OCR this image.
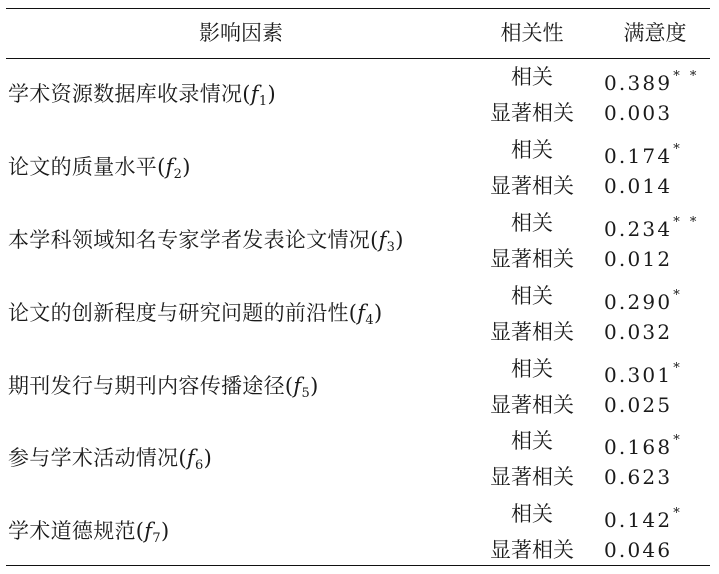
影响因素	相关性	满意度
学术资源数据库收录情况$(f_1)$
相关	0.389* *
显著相关	0.003
论文的质量水平$(f_2)$
相关	0.174*
显著相关	0.014
本学科领域知名专家学者发表论文情况$(f_3)$
相关	0.234* *
显著相关	0.012
论文的创新程度与研究问题的前沿性$(f_4)$
相关	0.290*
显著相关	0.032
期刊发行与期刊内容传播途径$(f_5)$
相关	0.301*
显著相关	0.025
参与学术活动情况$(f_6)$
相关	0.168*
显著相关	0.623
学术道德规范$(f_7)$
相关	0.142*
显著相关	0.046
